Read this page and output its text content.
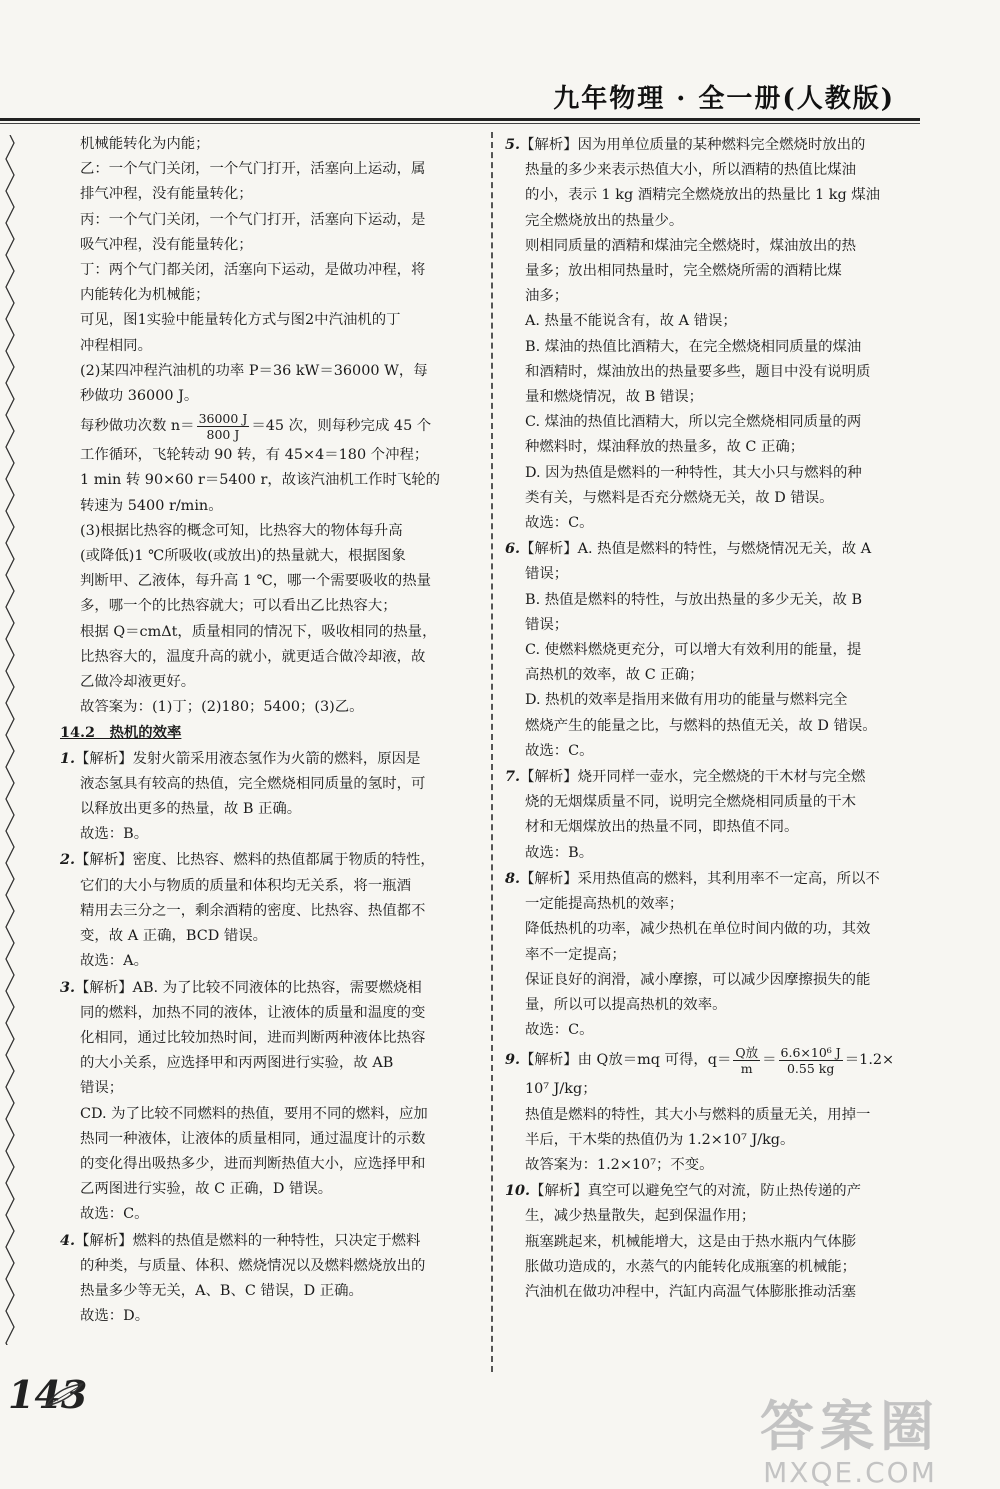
九年物理 · 全一册(人教版)
机械能转化为内能；
乙：一个气门关闭，一个气门打开，活塞向上运动，属
排气冲程，没有能量转化；
丙：一个气门关闭，一个气门打开，活塞向下运动，是
吸气冲程，没有能量转化；
丁：两个气门都关闭，活塞向下运动，是做功冲程，将
内能转化为机械能；
可见，图1实验中能量转化方式与图2中汽油机的丁
冲程相同。
(2)某四冲程汽油机的功率 P＝36 kW＝36000 W，每
秒做功 36000 J。
每秒做功次数 $n= \frac{36000 J}{800 J} =45$ 次，则每秒完成 45 个
工作循环，飞轮转动 90 转，有 45×4＝180 个冲程；
1 min 转 90×60 r＝5400 r，故该汽油机工作时飞轮的
转速为 5400 r/min。
(3)根据比热容的概念可知，比热容大的物体每升高
(或降低)1 ℃所吸收(或放出)的热量就大，根据图象
判断甲、乙液体，每升高 1 ℃，哪一个需要吸收的热量
多，哪一个的比热容就大；可以看出乙比热容大；
根据 Q＝cmΔt，质量相同的情况下，吸收相同的热量，
比热容大的，温度升高的就小，就更适合做冷却液，故
乙做冷却液更好。
故答案为：(1)丁；(2)180；5400；(3)乙。
14.2　热机的效率
1.【解析】发射火箭采用液态氢作为火箭的燃料，原因是
液态氢具有较高的热值，完全燃烧相同质量的氢时，可
以释放出更多的热量，故 B 正确。
故选：B。
2.【解析】密度、比热容、燃料的热值都属于物质的特性，
它们的大小与物质的质量和体积均无关系，将一瓶酒
精用去三分之一，剩余酒精的密度、比热容、热值都不
变，故 A 正确，BCD 错误。
故选：A。
3.【解析】AB. 为了比较不同液体的比热容，需要燃烧相
同的燃料，加热不同的液体，让液体的质量和温度的变
化相同，通过比较加热时间，进而判断两种液体比热容
的大小关系，应选择甲和丙两图进行实验，故 AB
错误；
CD. 为了比较不同燃料的热值，要用不同的燃料，应加
热同一种液体，让液体的质量相同，通过温度计的示数
的变化得出吸热多少，进而判断热值大小，应选择甲和
乙两图进行实验，故 C 正确，D 错误。
故选：C。
4.【解析】燃料的热值是燃料的一种特性，只决定于燃料
的种类，与质量、体积、燃烧情况以及燃料燃烧放出的
热量多少等无关，A、B、C 错误，D 正确。
故选：D。
5.【解析】因为用单位质量的某种燃料完全燃烧时放出的
热量的多少来表示热值大小，所以酒精的热值比煤油
的小，表示 1 kg 酒精完全燃烧放出的热量比 1 kg 煤油
完全燃烧放出的热量少。
则相同质量的酒精和煤油完全燃烧时，煤油放出的热
量多；放出相同热量时，完全燃烧所需的酒精比煤
油多；
A. 热量不能说含有，故 A 错误；
B. 煤油的热值比酒精大，在完全燃烧相同质量的煤油
和酒精时，煤油放出的热量要多些，题目中没有说明质
量和燃烧情况，故 B 错误；
C. 煤油的热值比酒精大，所以完全燃烧相同质量的两
种燃料时，煤油释放的热量多，故 C 正确；
D. 因为热值是燃料的一种特性，其大小只与燃料的种
类有关，与燃料是否充分燃烧无关，故 D 错误。
故选：C。
6.【解析】A. 热值是燃料的特性，与燃烧情况无关，故 A
错误；
B. 热值是燃料的特性，与放出热量的多少无关，故 B
错误；
C. 使燃料燃烧更充分，可以增大有效利用的能量，提
高热机的效率，故 C 正确；
D. 热机的效率是指用来做有用功的能量与燃料完全
燃烧产生的能量之比，与燃料的热值无关，故 D 错误。
故选：C。
7.【解析】烧开同样一壶水，完全燃烧的干木材与完全燃
烧的无烟煤质量不同，说明完全燃烧相同质量的干木
材和无烟煤放出的热量不同，即热值不同。
故选：B。
8.【解析】采用热值高的燃料，其利用率不一定高，所以不
一定能提高热机的效率；
降低热机的功率，减少热机在单位时间内做的功，其效
率不一定提高；
保证良好的润滑，减小摩擦，可以减少因摩擦损失的能
量，所以可以提高热机的效率。
故选：C。
9.【解析】由 Q放＝mq 可得，$q= \frac{\text{Q放}}{m} = \frac{\text{6.6×10⁶ J}}{0.55 kg} =1.2\times$
10⁷ J/kg；
热值是燃料的特性，其大小与燃料的质量无关，用掉一
半后，干木柴的热值仍为 1.2×10⁷ J/kg。
故答案为：1.2×10⁷；不变。
10.【解析】真空可以避免空气的对流，防止热传递的产
生，减少热量散失，起到保温作用；
瓶塞跳起来，机械能增大，这是由于热水瓶内气体膨
胀做功造成的，水蒸气的内能转化成瓶塞的机械能；
汽油机在做功冲程中，汽缸内高温气体膨胀推动活塞
143
答案圈
MXQE.COM
